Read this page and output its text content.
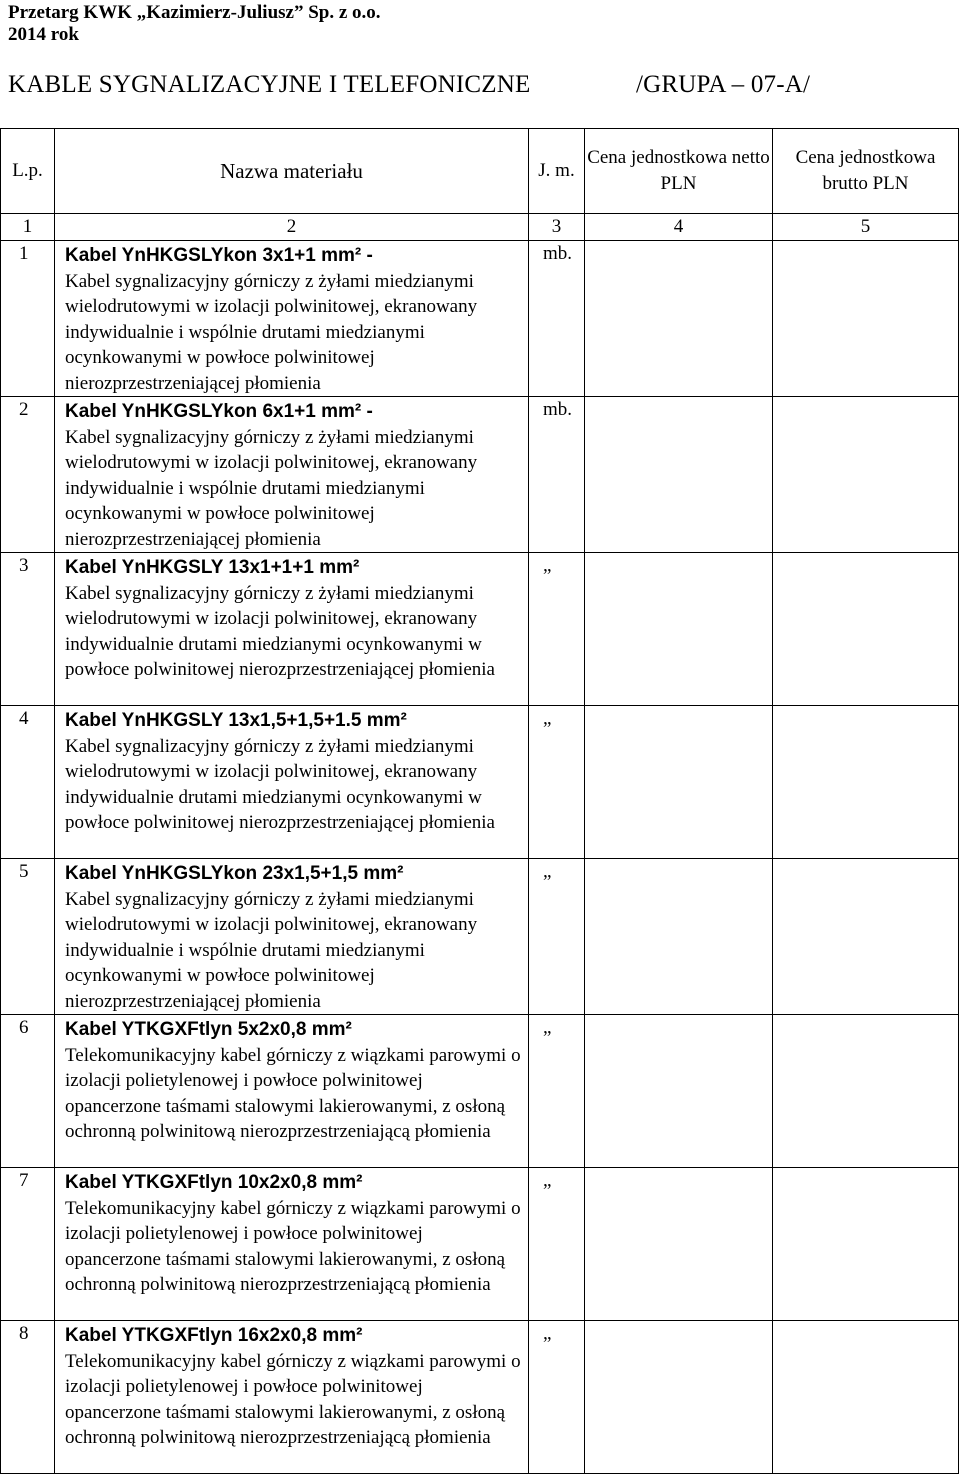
Przetarg KWK „Kazimierz-Juliusz” Sp. z o.o.
2014 rok
KABLE SYGNALIZACYJNE I TELEFONICZNE	/GRUPA – 07-A/
L.p.	Nazwa materiału	J. m.	Cena jednostkowa netto PLN	Cena jednostkowa brutto PLN
1	2	3	4	5
1	Kabel YnHKGSLYkon 3x1+1 mm² -
Kabel sygnalizacyjny górniczy z żyłami miedzianymi wielodrutowymi w izolacji polwinitowej, ekranowany indywidualnie i wspólnie drutami miedzianymi ocynkowanymi w powłoce polwinitowej nierozprzestrzeniającej płomienia	mb.		
2	Kabel YnHKGSLYkon 6x1+1 mm² -
Kabel sygnalizacyjny górniczy z żyłami miedzianymi wielodrutowymi w izolacji polwinitowej, ekranowany indywidualnie i wspólnie drutami miedzianymi ocynkowanymi w powłoce polwinitowej nierozprzestrzeniającej płomienia	mb.		
3	Kabel YnHKGSLY 13x1+1+1 mm²
Kabel sygnalizacyjny górniczy z żyłami miedzianymi wielodrutowymi w izolacji polwinitowej, ekranowany indywidualnie drutami miedzianymi ocynkowanymi w powłoce polwinitowej nierozprzestrzeniającej płomienia	„		
4	Kabel YnHKGSLY 13x1,5+1,5+1.5 mm²
Kabel sygnalizacyjny górniczy z żyłami miedzianymi wielodrutowymi w izolacji polwinitowej, ekranowany indywidualnie drutami miedzianymi ocynkowanymi w powłoce polwinitowej nierozprzestrzeniającej płomienia	„		
5	Kabel YnHKGSLYkon 23x1,5+1,5 mm²
Kabel sygnalizacyjny górniczy z żyłami miedzianymi wielodrutowymi w izolacji polwinitowej, ekranowany indywidualnie i wspólnie drutami miedzianymi ocynkowanymi w powłoce polwinitowej nierozprzestrzeniającej płomienia	„		
6	Kabel YTKGXFtlyn 5x2x0,8 mm²
Telekomunikacyjny kabel górniczy z wiązkami parowymi o izolacji polietylenowej i powłoce polwinitowej opancerzone taśmami stalowymi lakierowanymi, z osłoną ochronną polwinitową nierozprzestrzeniającą płomienia	„		
7	Kabel YTKGXFtlyn 10x2x0,8 mm²
Telekomunikacyjny kabel górniczy z wiązkami parowymi o izolacji polietylenowej i powłoce polwinitowej opancerzone taśmami stalowymi lakierowanymi, z osłoną ochronną polwinitową nierozprzestrzeniającą płomienia	„		
8	Kabel YTKGXFtlyn 16x2x0,8 mm²
Telekomunikacyjny kabel górniczy z wiązkami parowymi o izolacji polietylenowej i powłoce polwinitowej opancerzone taśmami stalowymi lakierowanymi, z osłoną ochronną polwinitową nierozprzestrzeniającą płomienia	„		
